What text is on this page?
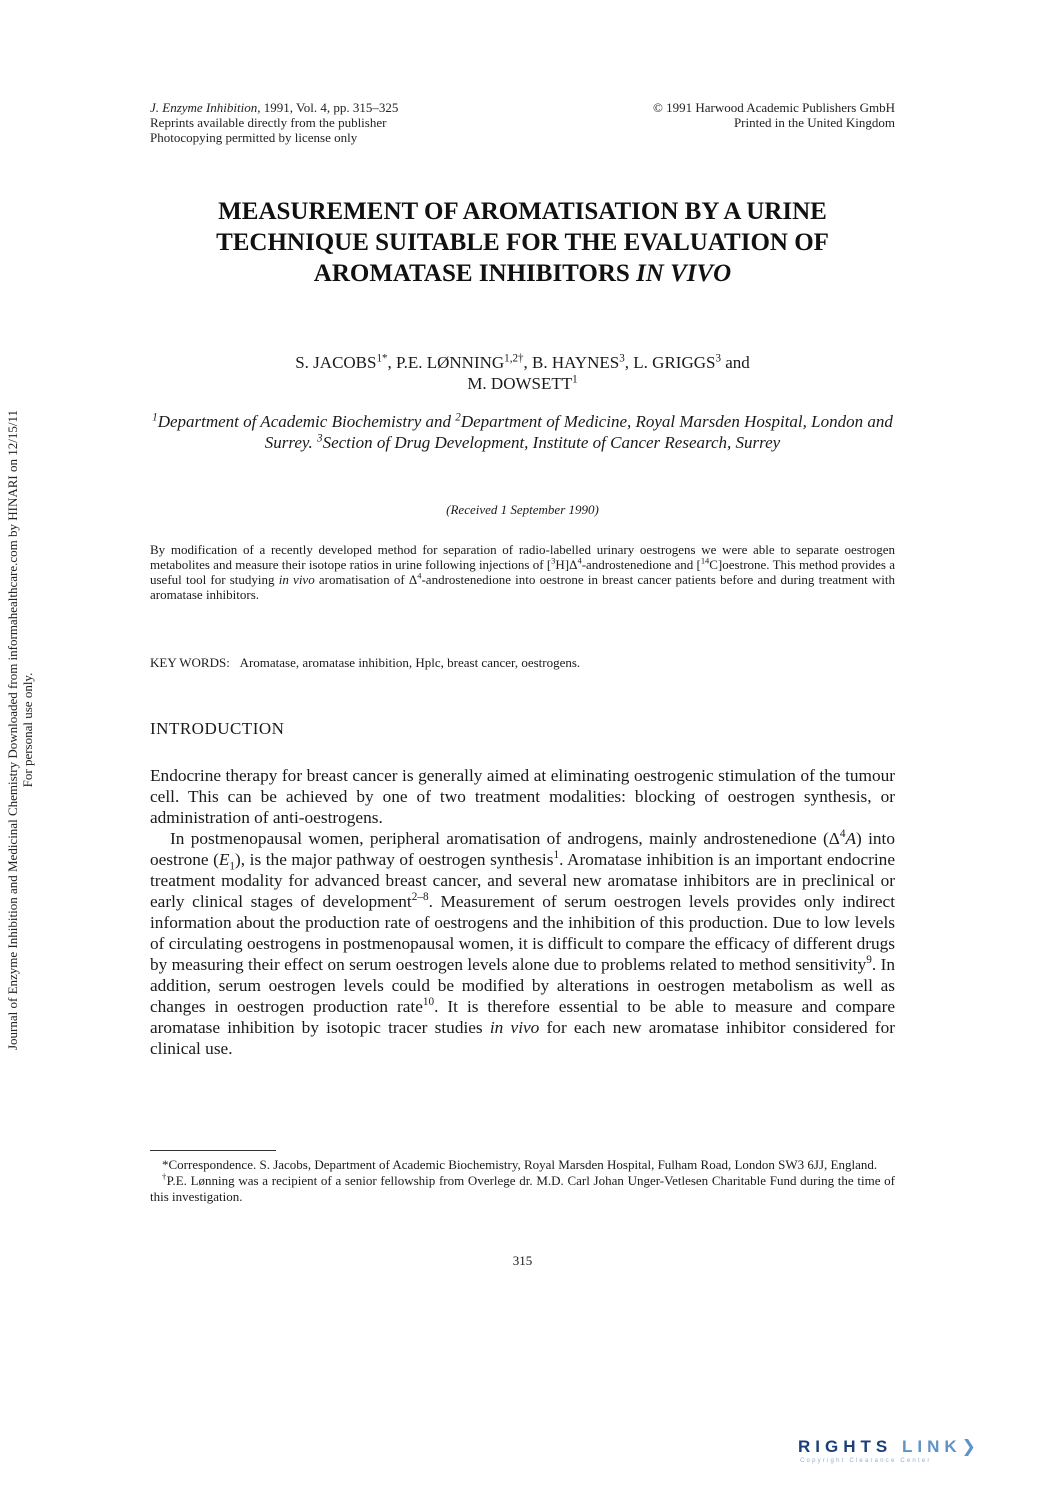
J. Enzyme Inhibition, 1991, Vol. 4, pp. 315–325
Reprints available directly from the publisher
Photocopying permitted by license only
© 1991 Harwood Academic Publishers GmbH
Printed in the United Kingdom
MEASUREMENT OF AROMATISATION BY A URINE TECHNIQUE SUITABLE FOR THE EVALUATION OF AROMATASE INHIBITORS IN VIVO
S. $JACOBS^{1*}$, P.E. $LØNNING^{1,2\dagger}$, B. HAYNES$^3$, L. GRIGGS$^3$ and
M. DOWSETT$^1$
$^1$Department of Academic Biochemistry and $^2$Department of Medicine, Royal Marsden Hospital, London and Surrey. $^3$Section of Drug Development, Institute of Cancer Research, Surrey
(Received 1 September 1990)
By modification of a recently developed method for separation of radio-labelled urinary oestrogens we were able to separate oestrogen metabolites and measure their isotope ratios in urine following injections of $[^3H]\Delta^4$-androstenedione and [$^{14}$C]oestrone. This method provides a useful tool for studying in vivo aromatisation of $\Delta^4$-androstenedione into oestrone in breast cancer patients before and during treatment with aromatase inhibitors.
KEY WORDS: Aromatase, aromatase inhibition, Hplc, breast cancer, oestrogens.
INTRODUCTION

Endocrine therapy for breast cancer is generally aimed at eliminating oestrogenic stimulation of the tumour cell. This can be achieved by one of two treatment modalities: blocking of oestrogen synthesis, or administration of anti-oestrogens.

In postmenopausal women, peripheral aromatisation of androgens, mainly androstenedione $(\Delta^4A)$ into oestrone $(E_1)$, is the major pathway of oestrogen synthesis$^1$. Aromatase inhibition is an important endocrine treatment modality for advanced breast cancer, and several new aromatase inhibitors are in preclinical or early clinical stages of development$^{2-8}$. Measurement of serum oestrogen levels provides only indirect information about the production rate of oestrogens and the inhibition of this production. Due to low levels of circulating oestrogens in postmenopausal women, it is difficult to compare the efficacy of different drugs by measuring their effect on serum oestrogen levels alone due to problems related to method sensitivity$^9$. In addition, serum oestrogen levels could be modified by alterations in oestrogen metabolism as well as changes in oestrogen production rate$^{10}$. It is therefore essential to be able to measure and compare aromatase inhibition by isotopic tracer studies in vivo for each new aromatase inhibitor considered for clinical use.

*Correspondence. S. Jacobs, Department of Academic Biochemistry, Royal Marsden Hospital, Fulham Road, London SW3 6JJ, England.

†P.E. Lønning was a recipient of a senior fellowship from Overlege dr. M.D. Carl Johan Unger-Vetlesen Charitable Fund during the time of this investigation.

315
Journal of Enzyme Inhibition and Medicinal Chemistry Downloaded from informahealthcare.com by HINARI on 12/15/11 For personal use only.
RIGHTS LINK❯
Copyright Clearance Center
